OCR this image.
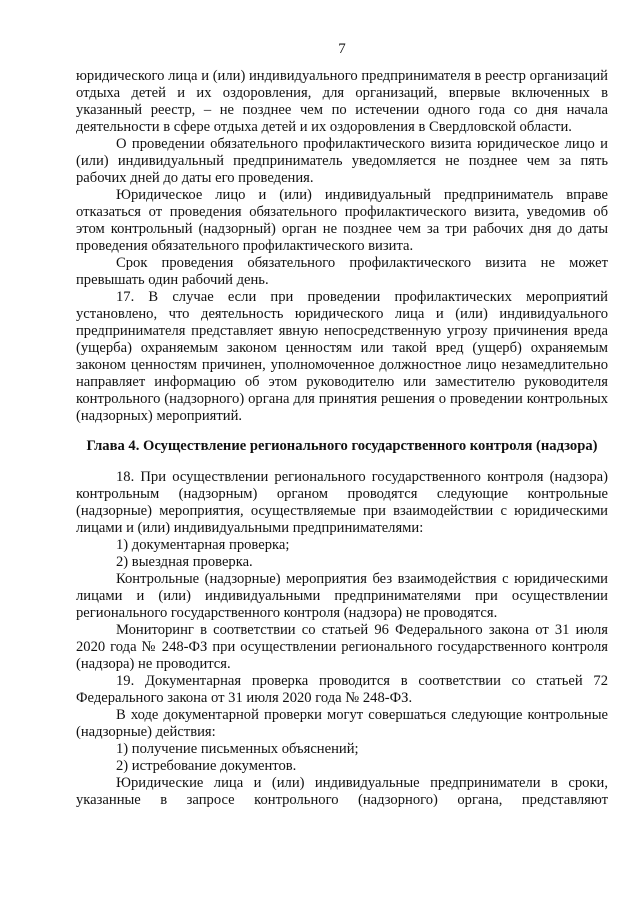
7

юридического лица и (или) индивидуального предпринимателя в реестр организаций отдыха детей и их оздоровления, для организаций, впервые включенных в указанный реестр, – не позднее чем по истечении одного года со дня начала деятельности в сфере отдыха детей и их оздоровления в Свердловской области.

О проведении обязательного профилактического визита юридическое лицо и (или) индивидуальный предприниматель уведомляется не позднее чем за пять рабочих дней до даты его проведения.

Юридическое лицо и (или) индивидуальный предприниматель вправе отказаться от проведения обязательного профилактического визита, уведомив об этом контрольный (надзорный) орган не позднее чем за три рабочих дня до даты проведения обязательного профилактического визита.

Срок проведения обязательного профилактического визита не может превышать один рабочий день.

17. В случае если при проведении профилактических мероприятий установлено, что деятельность юридического лица и (или) индивидуального предпринимателя представляет явную непосредственную угрозу причинения вреда (ущерба) охраняемым законом ценностям или такой вред (ущерб) охраняемым законом ценностям причинен, уполномоченное должностное лицо незамедлительно направляет информацию об этом руководителю или заместителю руководителя контрольного (надзорного) органа для принятия решения о проведении контрольных (надзорных) мероприятий.

Глава 4. Осуществление регионального государственного контроля (надзора)

18. При осуществлении регионального государственного контроля (надзора) контрольным (надзорным) органом проводятся следующие контрольные (надзорные) мероприятия, осуществляемые при взаимодействии с юридическими лицами и (или) индивидуальными предпринимателями:

1) документарная проверка;

2) выездная проверка.

Контрольные (надзорные) мероприятия без взаимодействия с юридическими лицами и (или) индивидуальными предпринимателями при осуществлении регионального государственного контроля (надзора) не проводятся.

Мониторинг в соответствии со статьей 96 Федерального закона от 31 июля 2020 года № 248-ФЗ при осуществлении регионального государственного контроля (надзора) не проводится.

19. Документарная проверка проводится в соответствии со статьей 72 Федерального закона от 31 июля 2020 года № 248-ФЗ.

В ходе документарной проверки могут совершаться следующие контрольные (надзорные) действия:

1) получение письменных объяснений;

2) истребование документов.

Юридические лица и (или) индивидуальные предприниматели в сроки, указанные в запросе контрольного (надзорного) органа, представляют
